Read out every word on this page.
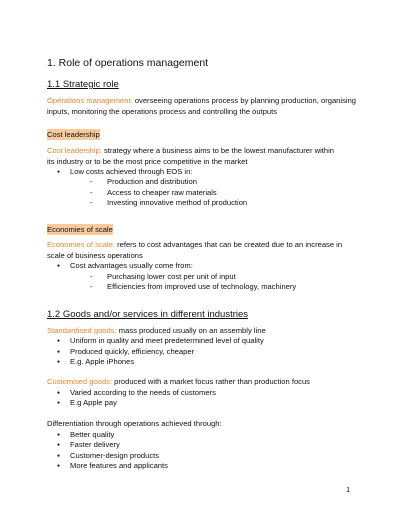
1. Role of operations management
1.1 Strategic role
Operations management: overseeing operations process by planning production, organising inputs, monitoring the operations process and controlling the outputs
Cost leadership
Cost leadership: strategy where a business aims to be the lowest manufacturer within
its industry or to be the most price competitive in the market
● Low costs achieved through EOS in:
- Production and distribution
- Access to cheaper raw materials
- Investing innovative method of production
Economies of scale
Economies of scale: refers to cost advantages that can be created due to an increase in
scale of business operations
● Cost advantages usually come from:
- Purchasing lower cost per unit of input
- Efficiencies from improved use of technology, machinery
1.2 Goods and/or services in different industries
Standardised goods: mass produced usually on an assembly line
● Uniform in quality and meet predetermined level of quality
● Produced quickly, efficiency, cheaper
● E.g. Apple iPhones
Customised goods: produced with a market focus rather than production focus
● Varied according to the needs of customers
● E.g Apple pay
Differentiation through operations achieved through:
● Better quality
● Faster delivery
● Customer-design products
● More features and applicants
1
